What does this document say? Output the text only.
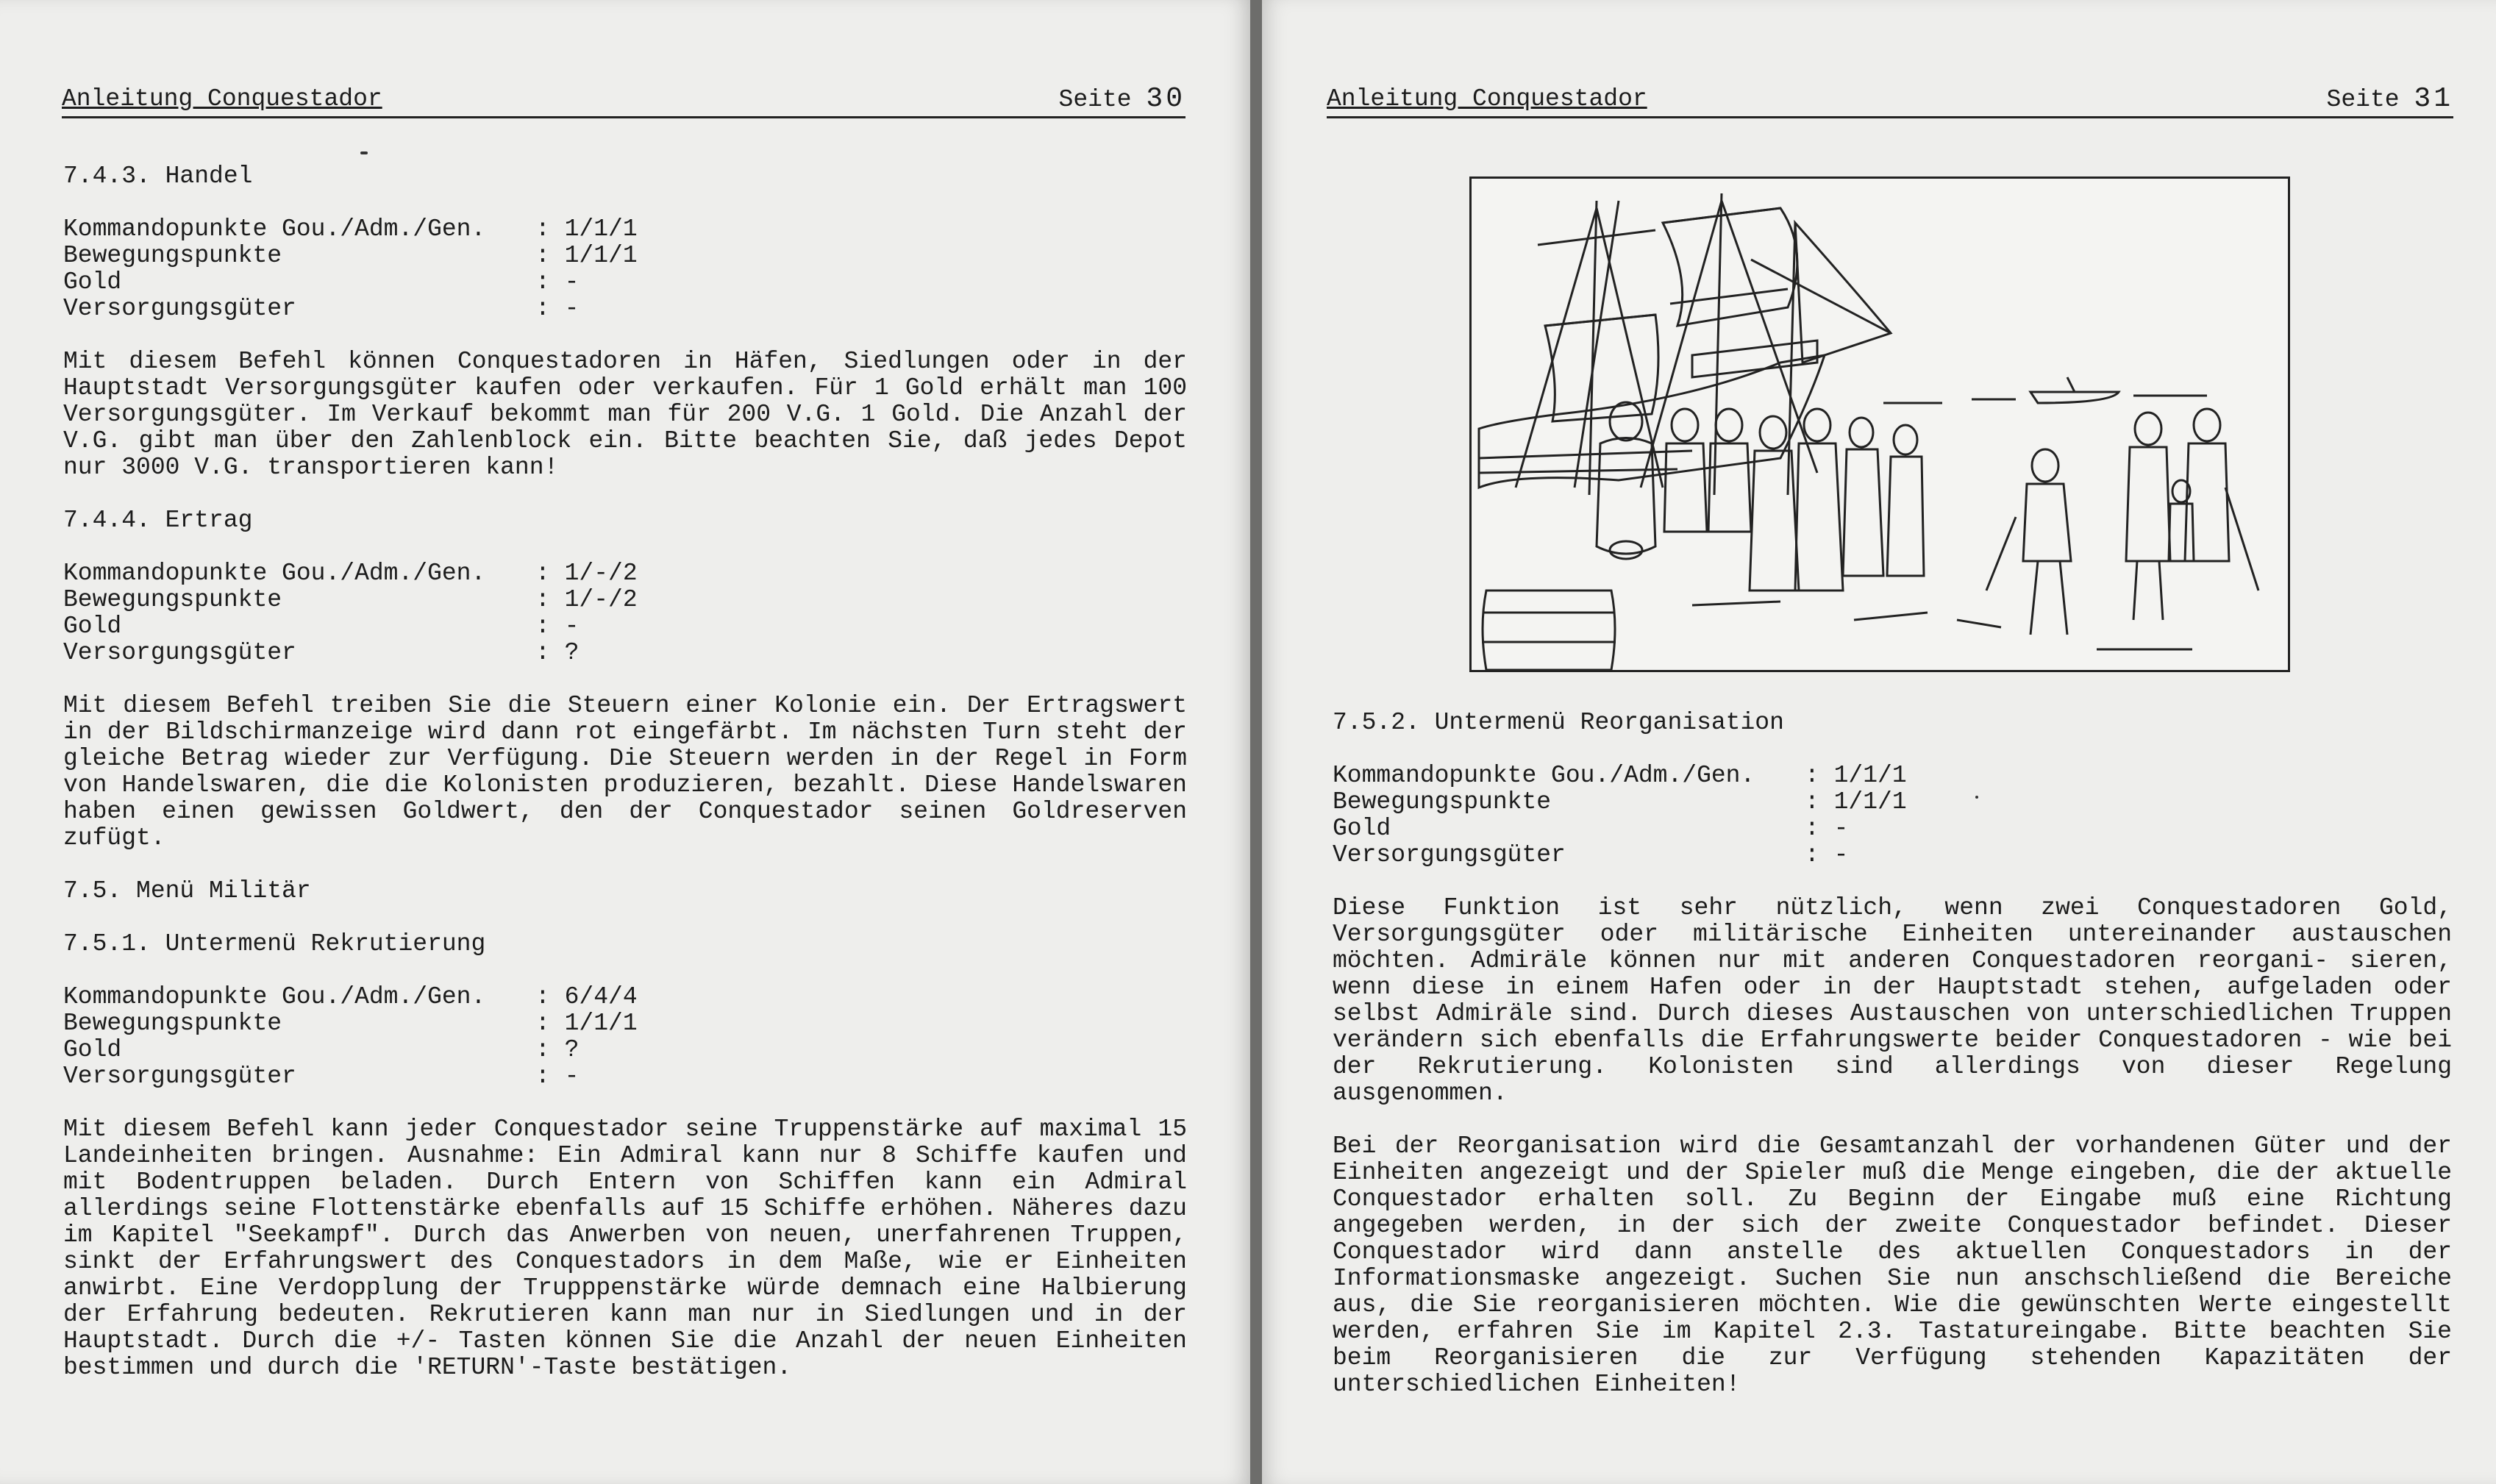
Anleitung Conquestador	Seite 30
7.4.3. Handel
Kommandopunkte Gou./Adm./Gen.	: 1/1/1
Bewegungspunkte	: 1/1/1
Gold	: -
Versorgungsgüter	: -
Mit diesem Befehl können Conquestadoren in Häfen, Siedlungen oder in der Hauptstadt Versorgungsgüter kaufen oder verkaufen. Für 1 Gold erhält man 100 Versorgungsgüter. Im Verkauf bekommt man für 200 V.G. 1 Gold. Die Anzahl der V.G. gibt man über den Zahlenblock ein. Bitte beachten Sie, daß jedes Depot nur 3000 V.G. transportieren kann!
7.4.4. Ertrag
Kommandopunkte Gou./Adm./Gen.	: 1/-/2
Bewegungspunkte	: 1/-/2
Gold	: -
Versorgungsgüter	: ?
Mit diesem Befehl treiben Sie die Steuern einer Kolonie ein. Der Ertragswert in der Bildschirmanzeige wird dann rot eingefärbt. Im nächsten Turn steht der gleiche Betrag wieder zur Verfügung. Die Steuern werden in der Regel in Form von Handelswaren, die die Kolonisten produzieren, bezahlt. Diese Handelswaren haben einen gewissen Goldwert, den der Conquestador seinen Goldreserven zufügt.
7.5. Menü Militär
7.5.1. Untermenü Rekrutierung
Kommandopunkte Gou./Adm./Gen.	: 6/4/4
Bewegungspunkte	: 1/1/1
Gold	: ?
Versorgungsgüter	: -
Mit diesem Befehl kann jeder Conquestador seine Truppenstärke auf maximal 15 Landeinheiten bringen. Ausnahme: Ein Admiral kann nur 8 Schiffe kaufen und mit Bodentruppen beladen. Durch Entern von Schiffen kann ein Admiral allerdings seine Flottenstärke ebenfalls auf 15 Schiffe erhöhen. Näheres dazu im Kapitel "Seekampf". Durch das Anwerben von neuen, unerfahrenen Truppen, sinkt der Erfahrungswert des Conquestadors in dem Maße, wie er Einheiten anwirbt. Eine Verdopplung der Trupppenstärke würde demnach eine Halbierung der Erfahrung bedeuten. Rekrutieren kann man nur in Siedlungen und in der Hauptstadt. Durch die +/- Tasten können Sie die Anzahl der neuen Einheiten bestimmen und durch die 'RETURN'-Taste bestätigen.
Anleitung Conquestador	Seite 31
7.5.2. Untermenü Reorganisation
Kommandopunkte Gou./Adm./Gen.	: 1/1/1
Bewegungspunkte	: 1/1/1
Gold	: -
Versorgungsgüter	: -
Diese Funktion ist sehr nützlich, wenn zwei Conquestadoren Gold, Versorgungsgüter oder militärische Einheiten untereinander austauschen möchten. Admiräle können nur mit anderen Conquestadoren reorgani- sieren, wenn diese in einem Hafen oder in der Hauptstadt stehen, aufgeladen oder selbst Admiräle sind. Durch dieses Austauschen von unterschiedlichen Truppen verändern sich ebenfalls die Erfahrungswerte beider Conquestadoren - wie bei der Rekrutierung. Kolonisten sind allerdings von dieser Regelung ausgenommen.
Bei der Reorganisation wird die Gesamtanzahl der vorhandenen Güter und der Einheiten angezeigt und der Spieler muß die Menge eingeben, die der aktuelle Conquestador erhalten soll. Zu Beginn der Eingabe muß eine Richtung angegeben werden, in der sich der zweite Conquestador befindet. Dieser Conquestador wird dann anstelle des aktuellen Conquestadors in der Informationsmaske angezeigt. Suchen Sie nun anschschließend die Bereiche aus, die Sie reorganisieren möchten. Wie die gewünschten Werte eingestellt werden, erfahren Sie im Kapitel 2.3. Tastatureingabe. Bitte beachten Sie beim Reorganisieren die zur Verfügung stehenden Kapazitäten der unterschiedlichen Einheiten!
